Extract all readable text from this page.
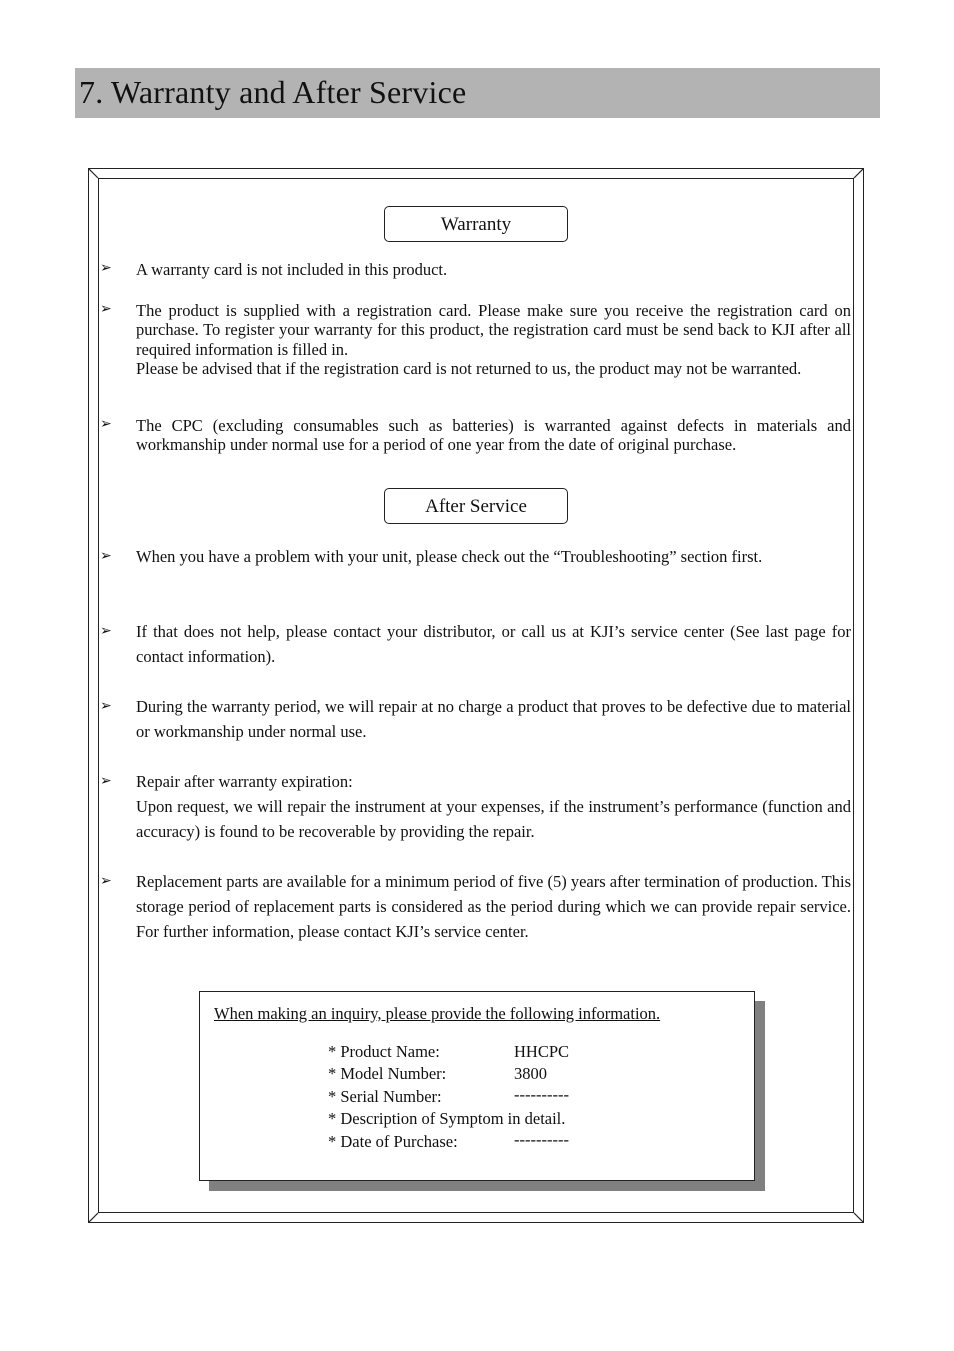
7. Warranty and After Service
Warranty
➢	A warranty card is not included in this product.

➢	The product is supplied with a registration card. Please make sure you receive the registration card on purchase. To register your warranty for this product, the registration card must be send back to KJI after all required information is filled in.

Please be advised that if the registration card is not returned to us, the product may not be warranted.

➢	The CPC (excluding consumables such as batteries) is warranted against defects in materials and workmanship under normal use for a period of one year from the date of original purchase.

After Service
➢	When you have a problem with your unit, please check out the “Troubleshooting” section first.

➢	If that does not help, please contact your distributor, or call us at KJI’s service center (See last page for contact information).

➢	During the warranty period, we will repair at no charge a product that proves to be defective due to material or workmanship under normal use.

➢	Repair after warranty expiration:

Upon request, we will repair the instrument at your expenses, if the instrument’s performance (function and accuracy) is found to be recoverable by providing the repair.

➢	Replacement parts are available for a minimum period of five (5) years after termination of production. This storage period of replacement parts is considered as the period during which we can provide repair service. For further information, please contact KJI’s service center.

When making an inquiry, please provide the following information.
* Product Name:	HHCPC
* Model Number:	3800
* Serial Number:	----------
* Description of Symptom in detail.
* Date of Purchase:	----------
